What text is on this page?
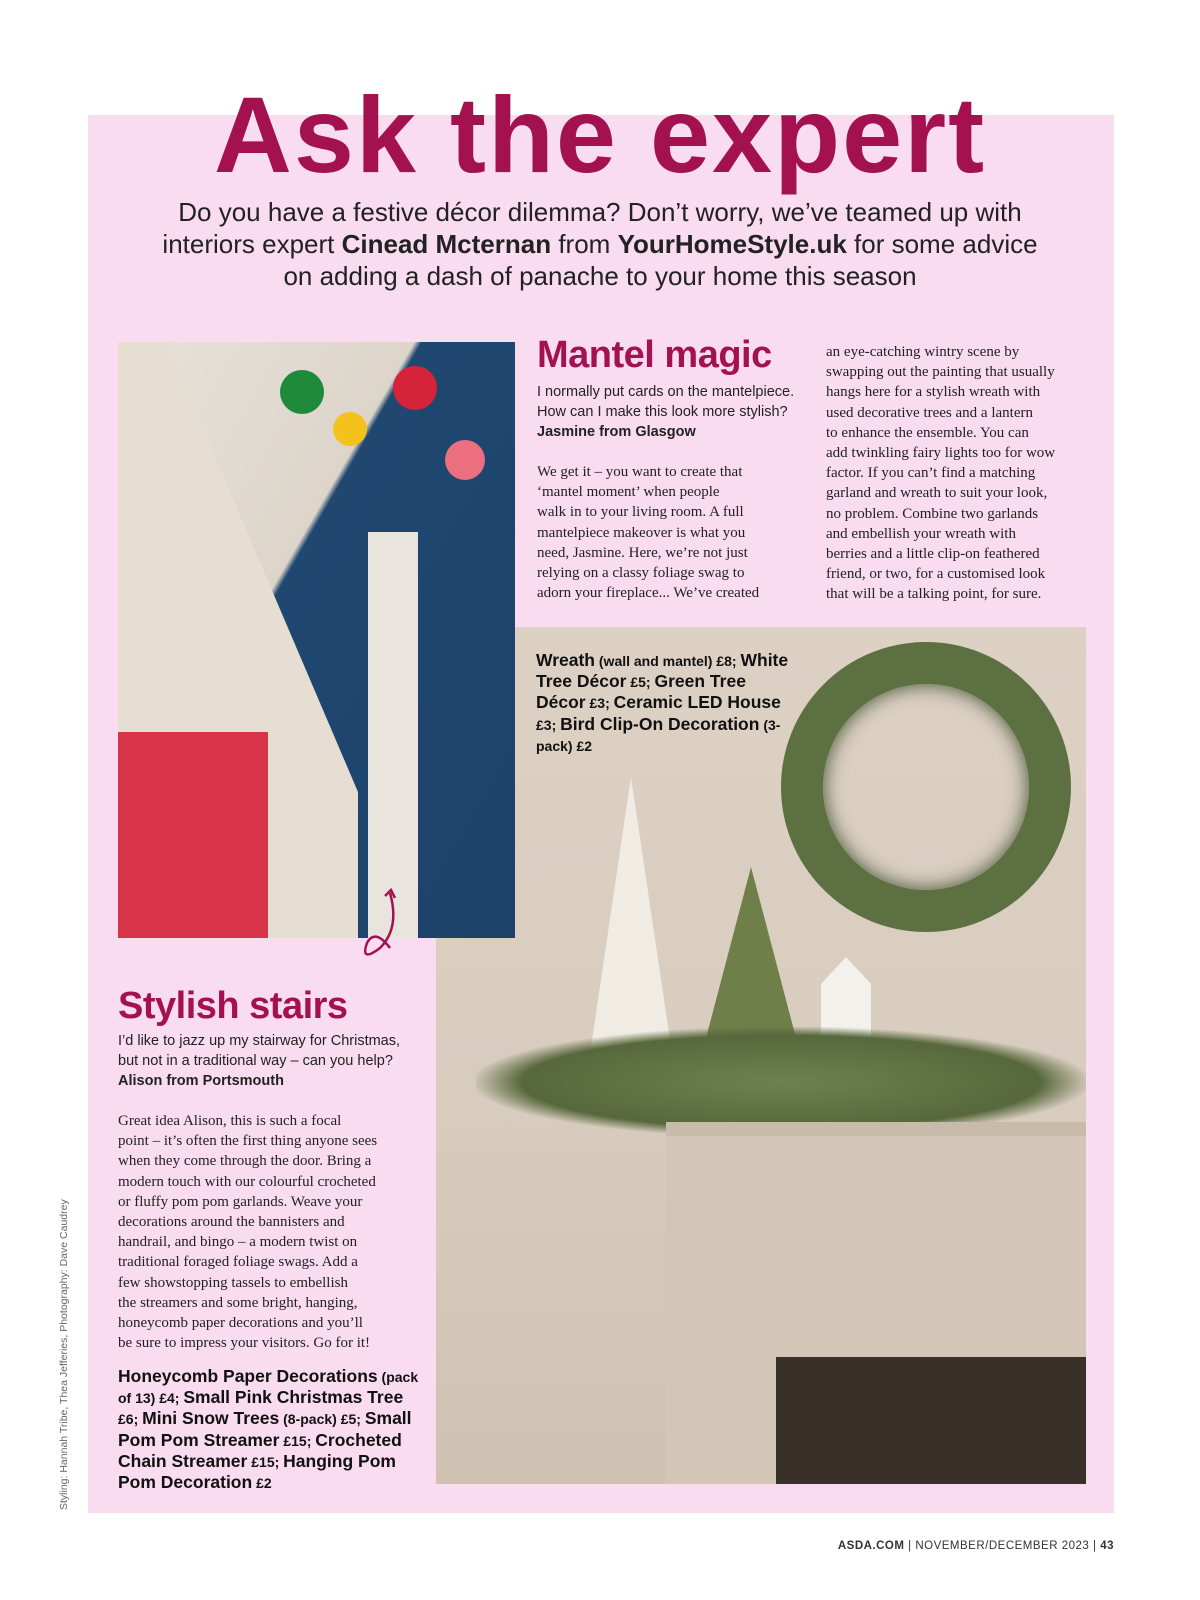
Ask the expert
Do you have a festive décor dilemma? Don’t worry, we’ve teamed up with
interiors expert Cinead Mcternan from YourHomeStyle.uk for some advice
on adding a dash of panache to your home this season
Mantel magic
I normally put cards on the mantelpiece. How can I make this look more stylish?
Jasmine from Glasgow
We get it – you want to create that
‘mantel moment’ when people
walk in to your living room. A full
mantelpiece makeover is what you
need, Jasmine. Here, we’re not just
relying on a classy foliage swag to
adorn your fireplace... We’ve created
an eye-catching wintry scene by
swapping out the painting that usually
hangs here for a stylish wreath with
used decorative trees and a lantern
to enhance the ensemble. You can
add twinkling fairy lights too for wow
factor. If you can’t find a matching
garland and wreath to suit your look,
no problem. Combine two garlands
and embellish your wreath with
berries and a little clip-on feathered
friend, or two, for a customised look
that will be a talking point, for sure.
Wreath (wall and mantel) £8; White Tree Décor £5; Green Tree Décor £3; Ceramic LED House £3; Bird Clip-On Decoration (3-pack) £2
Stylish stairs
I’d like to jazz up my stairway for Christmas, but not in a traditional way – can you help?
Alison from Portsmouth
Great idea Alison, this is such a focal
point – it’s often the first thing anyone sees
when they come through the door. Bring a
modern touch with our colourful crocheted
or fluffy pom pom garlands. Weave your
decorations around the bannisters and
handrail, and bingo – a modern twist on
traditional foraged foliage swags. Add a
few showstopping tassels to embellish
the streamers and some bright, hanging,
honeycomb paper decorations and you’ll
be sure to impress your visitors. Go for it!
Honeycomb Paper Decorations (pack of 13) £4; Small Pink Christmas Tree £6; Mini Snow Trees (8-pack) £5; Small Pom Pom Streamer £15; Crocheted Chain Streamer £15; Hanging Pom Pom Decoration £2
Styling: Hannah Tribe, Thea Jefferies, Photography: Dave Caudrey
ASDA.COM | NOVEMBER/DECEMBER 2023 | 43
